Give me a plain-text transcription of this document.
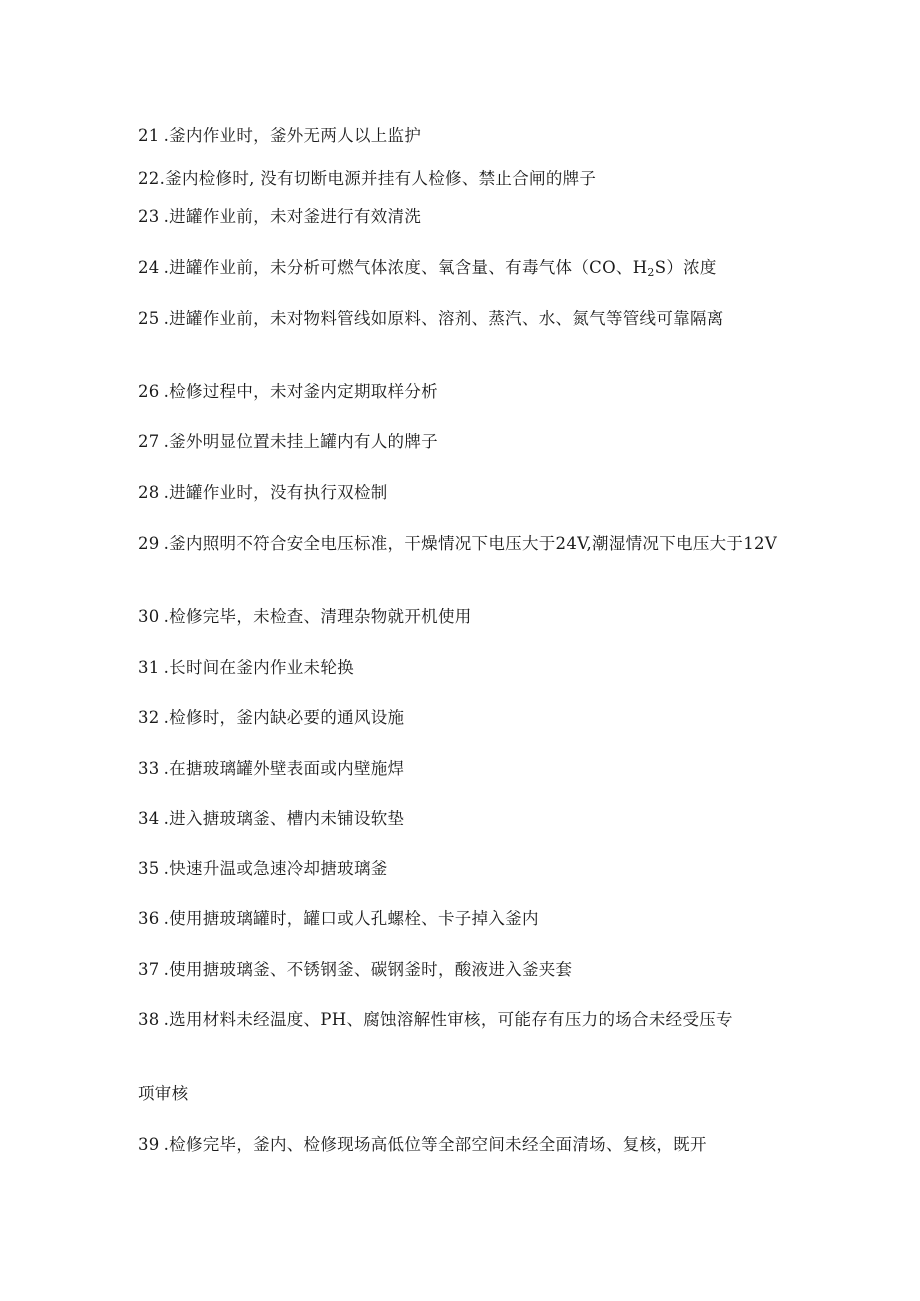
21 .釜内作业时，釜外无两人以上监护

22.釜内检修时, 没有切断电源并挂有人检修、禁止合闸的牌子

23 .进罐作业前，未对釜进行有效清洗

24 .进罐作业前，未分析可燃气体浓度、氧含量、有毒气体（CO、$H_2S$）浓度

25 .进罐作业前，未对物料管线如原料、溶剂、蒸汽、水、氮气等管线可靠隔离

26 .检修过程中，未对釜内定期取样分析

27 .釜外明显位置未挂上罐内有人的牌子

28 .进罐作业时，没有执行双检制

29 .釜内照明不符合安全电压标准，干燥情况下电压大于24V,潮湿情况下电压大于12V

30 .检修完毕，未检查、清理杂物就开机使用

31 .长时间在釜内作业未轮换

32 .检修时，釜内缺必要的通风设施

33 .在搪玻璃罐外壁表面或内壁施焊

34 .进入搪玻璃釜、槽内未铺设软垫

35 .快速升温或急速冷却搪玻璃釜

36 .使用搪玻璃罐时，罐口或人孔螺栓、卡子掉入釜内

37 .使用搪玻璃釜、不锈钢釜、碳钢釜时，酸液进入釜夹套

38 .选用材料未经温度、PH、腐蚀溶解性审核，可能存有压力的场合未经受压专

项审核

39 .检修完毕，釜内、检修现场高低位等全部空间未经全面清场、复核，既开
